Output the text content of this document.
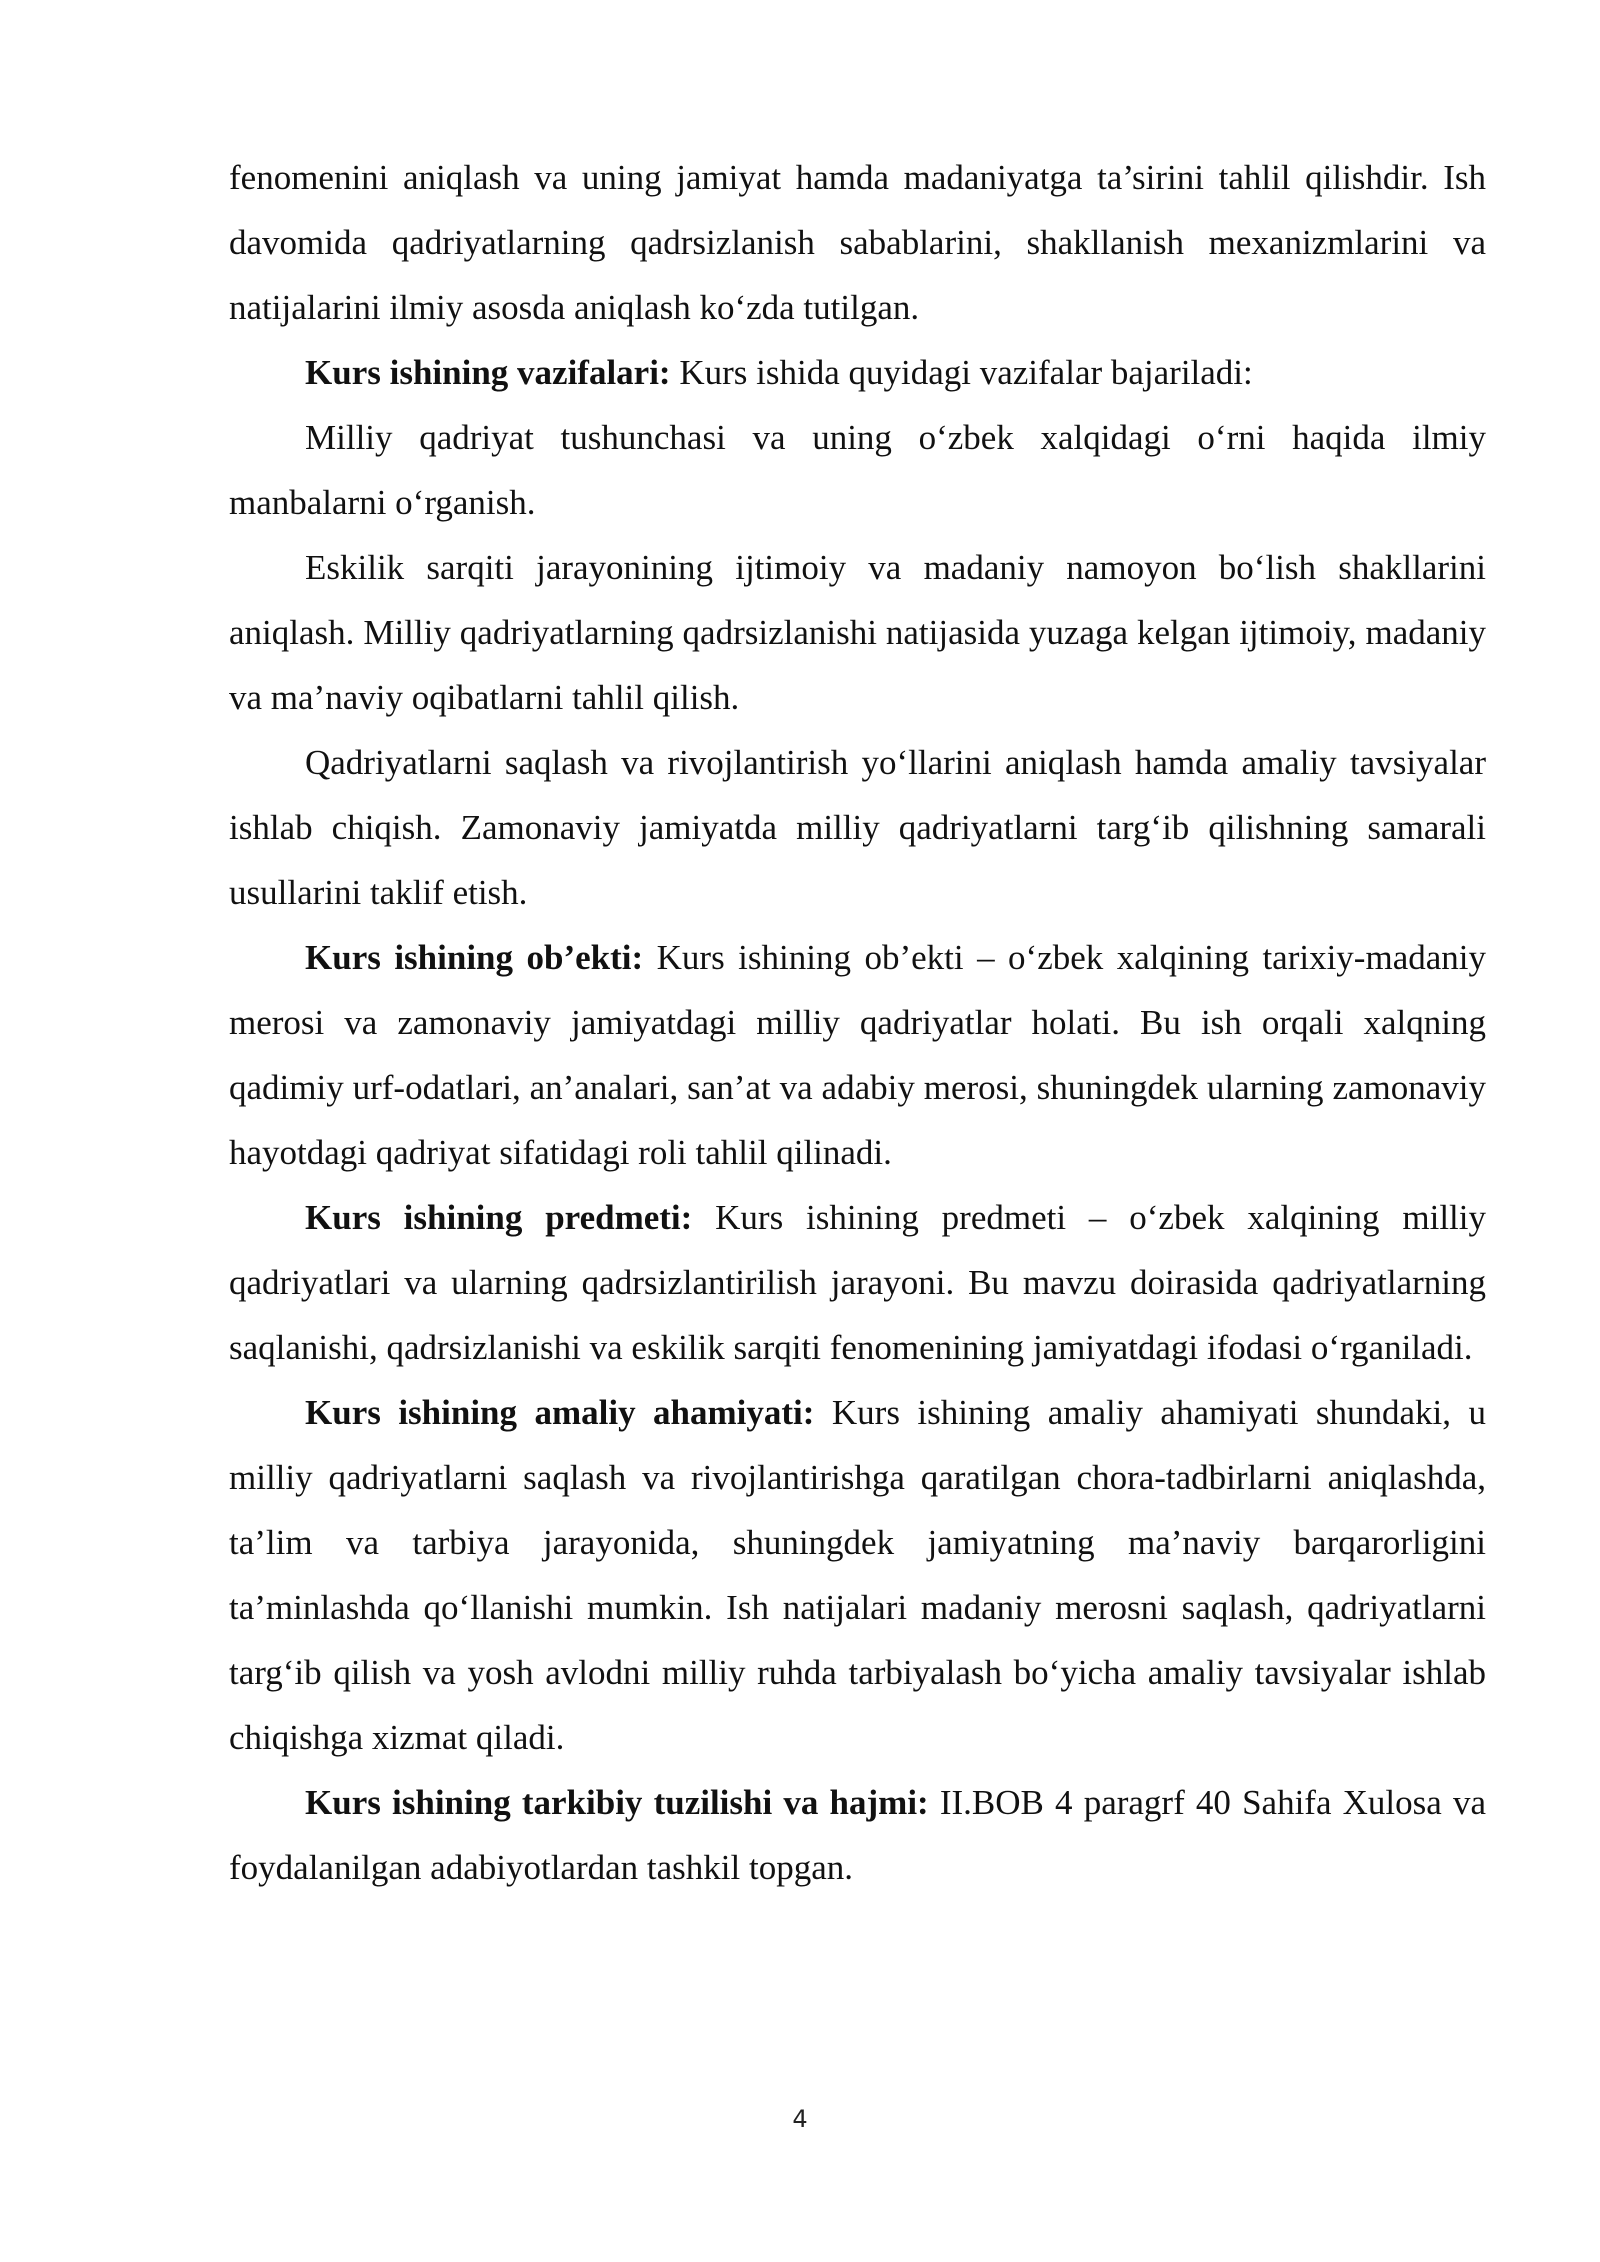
fenomenini aniqlash va uning jamiyat hamda madaniyatga ta’sirini tahlil qilishdir. Ish davomida qadriyatlarning qadrsizlanish sabablarini, shakllanish mexanizmlarini va natijalarini ilmiy asosda aniqlash ko‘zda tutilgan.

Kurs ishining vazifalari: Kurs ishida quyidagi vazifalar bajariladi:

Milliy qadriyat tushunchasi va uning o‘zbek xalqidagi o‘rni haqida ilmiy manbalarni o‘rganish.

Eskilik sarqiti jarayonining ijtimoiy va madaniy namoyon bo‘lish shakllarini aniqlash. Milliy qadriyatlarning qadrsizlanishi natijasida yuzaga kelgan ijtimoiy, madaniy va ma’naviy oqibatlarni tahlil qilish.

Qadriyatlarni saqlash va rivojlantirish yo‘llarini aniqlash hamda amaliy tavsiyalar ishlab chiqish. Zamonaviy jamiyatda milliy qadriyatlarni targ‘ib qilishning samarali usullarini taklif etish.

Kurs ishining ob’ekti: Kurs ishining ob’ekti – o‘zbek xalqining tarixiy-madaniy merosi va zamonaviy jamiyatdagi milliy qadriyatlar holati. Bu ish orqali xalqning qadimiy urf-odatlari, an’analari, san’at va adabiy merosi, shuningdek ularning zamonaviy hayotdagi qadriyat sifatidagi roli tahlil qilinadi.

Kurs ishining predmeti: Kurs ishining predmeti – o‘zbek xalqining milliy qadriyatlari va ularning qadrsizlantirilish jarayoni. Bu mavzu doirasida qadriyatlarning saqlanishi, qadrsizlanishi va eskilik sarqiti fenomenining jamiyatdagi ifodasi o‘rganiladi.

Kurs ishining amaliy ahamiyati: Kurs ishining amaliy ahamiyati shundaki, u milliy qadriyatlarni saqlash va rivojlantirishga qaratilgan chora-tadbirlarni aniqlashda, ta’lim va tarbiya jarayonida, shuningdek jamiyatning ma’naviy barqarorligini ta’minlashda qo‘llanishi mumkin. Ish natijalari madaniy merosni saqlash, qadriyatlarni targ‘ib qilish va yosh avlodni milliy ruhda tarbiyalash bo‘yicha amaliy tavsiyalar ishlab chiqishga xizmat qiladi.

Kurs ishining tarkibiy tuzilishi va hajmi: II.BOB 4 paragrf 40 Sahifa Xulosa va foydalanilgan adabiyotlardan tashkil topgan.

4
